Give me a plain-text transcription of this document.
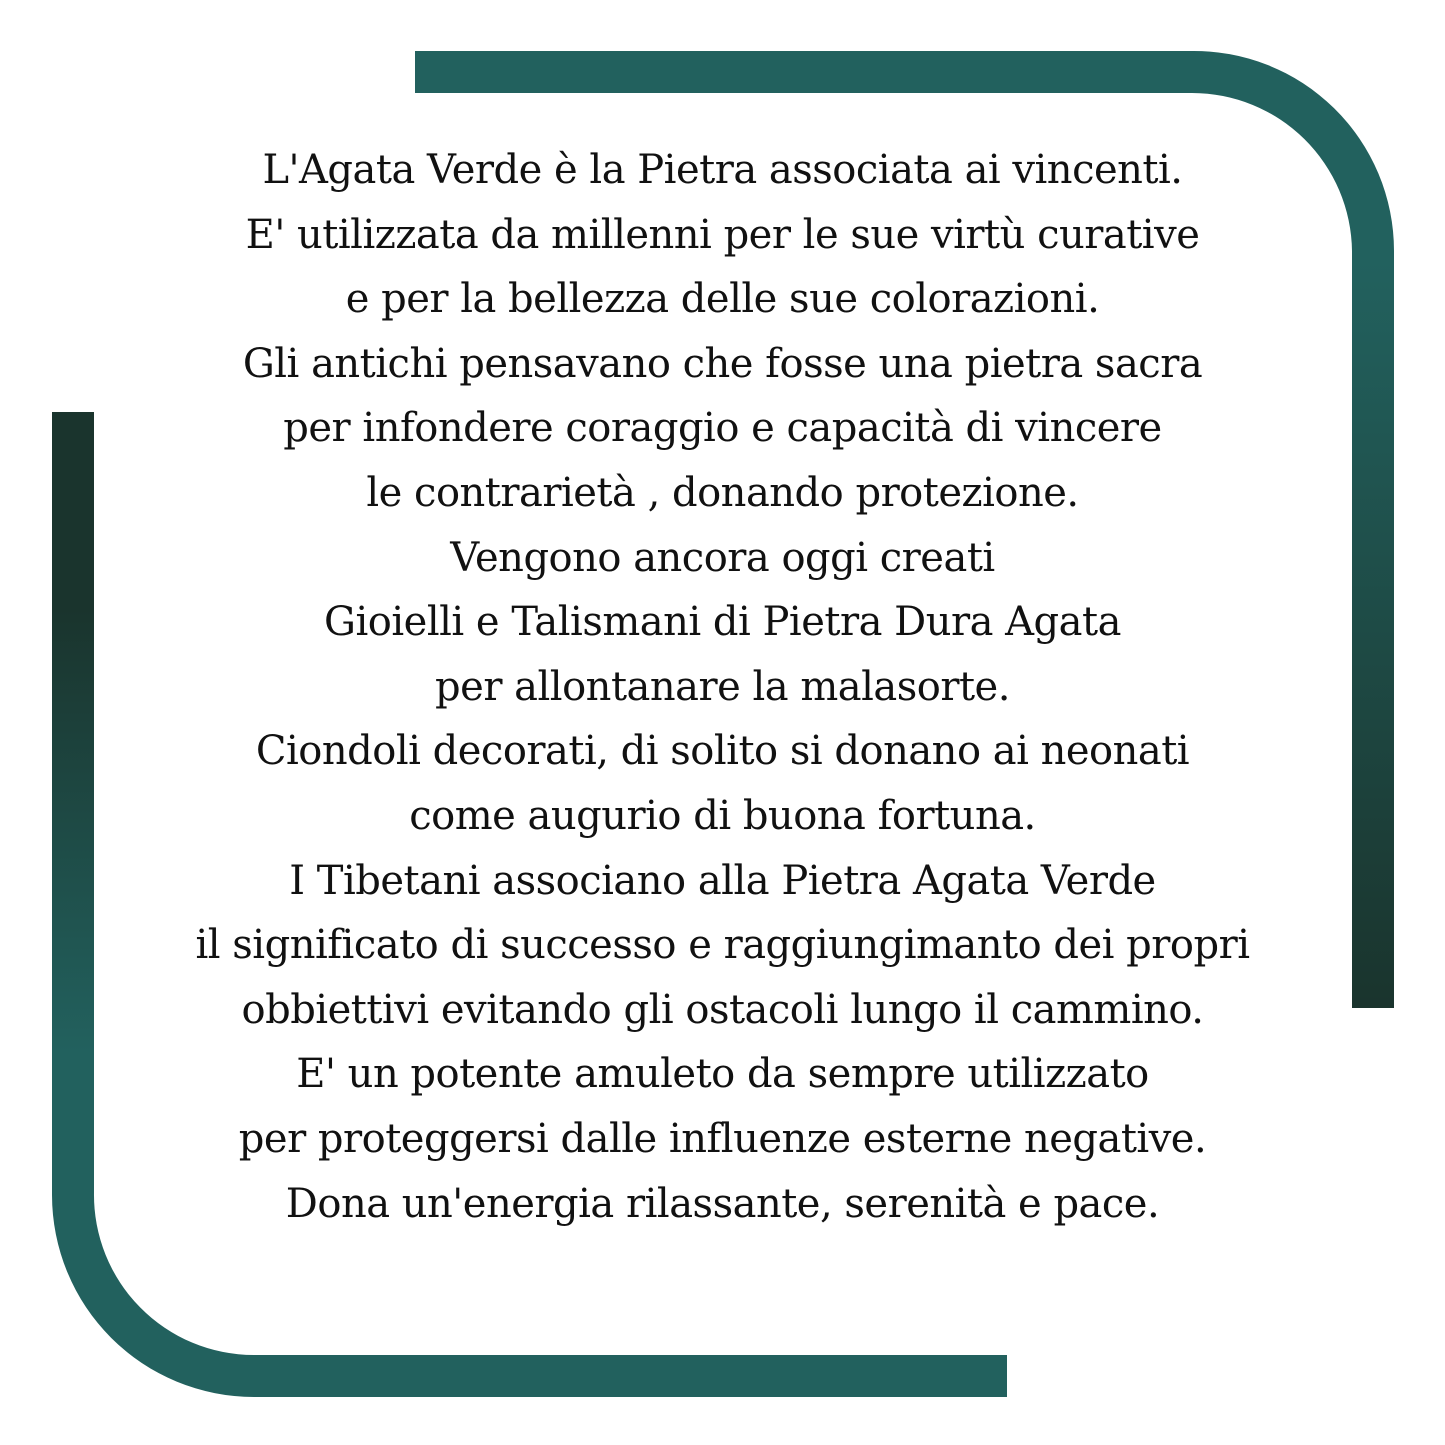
L'Agata Verde è la Pietra associata ai vincenti.
E' utilizzata da millenni per le sue virtù curative
e per la bellezza delle sue colorazioni.
Gli antichi pensavano che fosse una pietra sacra
per infondere coraggio e capacità di vincere
le contrarietà , donando protezione.
Vengono ancora oggi creati
Gioielli e Talismani di Pietra Dura Agata
per allontanare la malasorte.
Ciondoli decorati, di solito si donano ai neonati
come augurio di buona fortuna.
I Tibetani associano alla Pietra Agata Verde
il significato di successo e raggiungimanto dei propri
obbiettivi evitando gli ostacoli lungo il cammino.
E' un potente amuleto da sempre utilizzato
per proteggersi dalle influenze esterne negative.
Dona un'energia rilassante, serenità e pace.
